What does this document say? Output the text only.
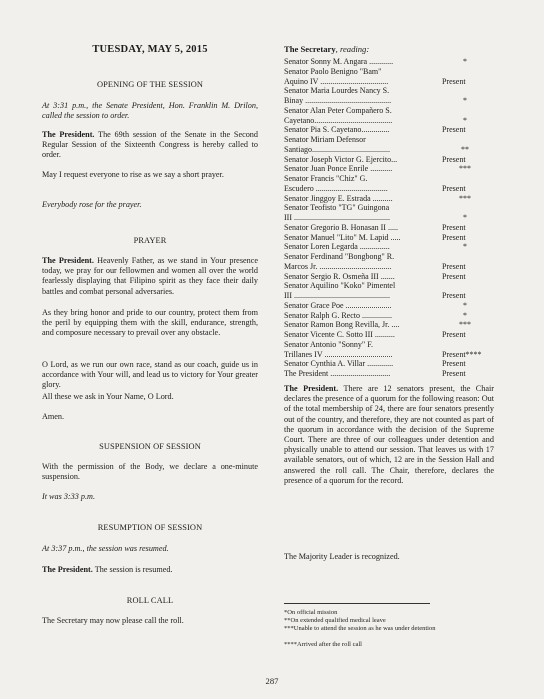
TUESDAY, MAY 5, 2015
OPENING OF THE SESSION

At 3:31 p.m., the Senate President, Hon. Franklin M. Drilon, called the session to order.

The President. The 69th session of the Senate in the Second Regular Session of the Sixteenth Congress is hereby called to order.

May I request everyone to rise as we say a short prayer.

Everybody rose for the prayer.

PRAYER

The President. Heavenly Father, as we stand in Your presence today, we pray for our fellowmen and women all over the world fearlessly displaying that Filipino spirit as they face their daily battles and combat personal adversaries.

As they bring honor and pride to our country, protect them from the peril by equipping them with the skill, endurance, strength, and composure necessary to prevail over any obstacle.

O Lord, as we run our own race, stand as our coach, guide us in accordance with Your will, and lead us to victory for Your greater glory.

All these we ask in Your Name, O Lord.

Amen.

SUSPENSION OF SESSION

With the permission of the Body, we declare a one-minute suspension.

It was 3:33 p.m.

RESUMPTION OF SESSION

At 3:37 p.m., the session was resumed.

The President. The session is resumed.

ROLL CALL

The Secretary may now please call the roll.

The Secretary, reading:
Senator Sonny M. Angara ............	*
Senator Paolo Benigno "Bam"
Aquino IV ..................................	Present
Senator Maria Lourdes Nancy S.
Binay ...........................................	*
Senator Alan Peter Compañero S.
Cayetano.......................................	*
Senator Pia S. Cayetano..............	Present
Senator Miriam Defensor
Santiago.......................................	**
Senator Joseph Victor G. Ejercito...	Present
Senator Juan Ponce Enrile ...........	***
Senator Francis "Chiz" G.
Escudero ....................................	Present
Senator Jinggoy E. Estrada ..........	***
Senator Teofisto "TG" Guingona
III ................................................	*
Senator Gregorio B. Honasan II .....	Present
Senator Manuel "Lito" M. Lapid .....	Present
Senator Loren Legarda ...............	*
Senator Ferdinand "Bongbong" R.
Marcos Jr. ....................................	Present
Senator Sergio R. Osmeña III .......	Present
Senator Aquilino "Koko" Pimentel
III ................................................	Present
Senator Grace Poe .......................	*
Senator Ralph G. Recto ...............	*
Senator Ramon Bong Revilla, Jr. ....	***
Senator Vicente C. Sotto III ..........	Present
Senator Antonio "Sonny" F.
Trillanes IV ..................................	Present****
Senator Cynthia A. Villar .............	Present
The President ..............................	Present

The President. There are 12 senators present, the Chair declares the presence of a quorum for the following reason: Out of the total membership of 24, there are four senators presently out of the country, and therefore, they are not counted as part of the quorum in accordance with the decision of the Supreme Court. There are three of our colleagues under detention and physically unable to attend our session. That leaves us with 17 available senators, out of which, 12 are in the Session Hall and answered the roll call. The Chair, therefore, declares the presence of a quorum for the record.

The Majority Leader is recognized.

*On official mission

**On extended qualified medical leave

***Unable to attend the session as he was under detention

****Arrived after the roll call

287
